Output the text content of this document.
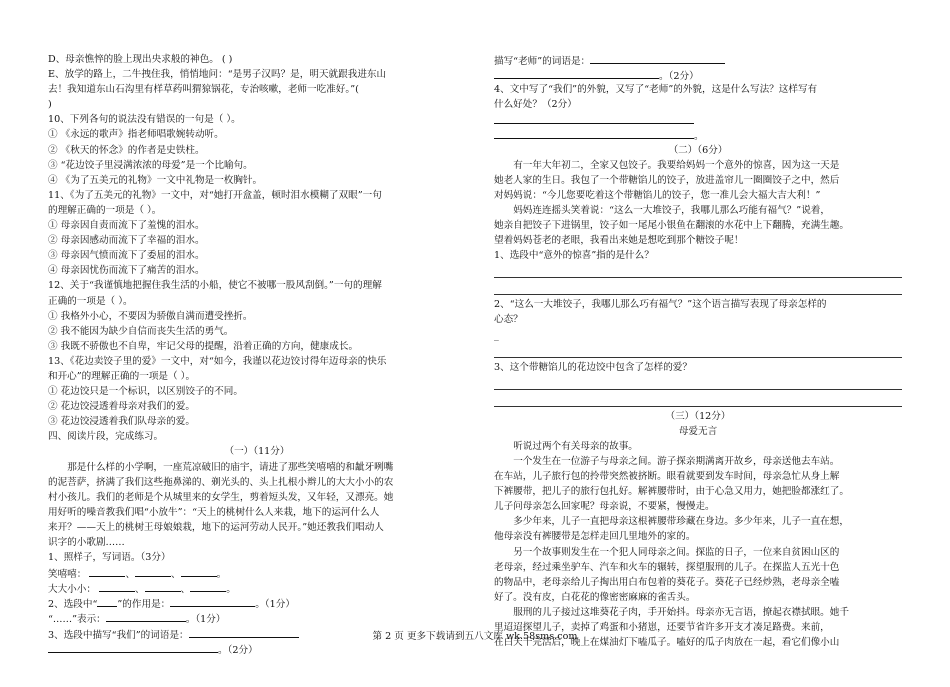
D、母亲憔悴的脸上现出央求般的神色。 ( )
E、放学的路上，二牛拽住我，悄悄地问：“是男子汉吗？是，明天就跟我进东山
去！我知道东山石沟里有样草药叫猬猄锅花，专治咳嗽，老师一吃准好。”(
)
10、下列各句的说法没有错误的一句是（ ）。
① 《永远的歌声》指老师唱歌婉转动听。
② 《秋天的怀念》的作者是史铁柱。
③ “花边饺子里浸满浓浓的母爱”是一个比喻句。
④ 《为了五美元的礼物》一文中礼物是一枚胸针。
11、《为了五美元的礼物》一文中，对“她打开盒盖，顿时泪水模糊了双眼”一句
的理解正确的一项是（ ）。
① 母亲因自责而流下了羞愧的泪水。
② 母亲因感动而流下了幸福的泪水。
③ 母亲因气愤而流下了委屈的泪水。
④ 母亲因忧伤而流下了痛苦的泪水。
12、关于“我谨慎地把握住我生活的小船，使它不被哪一股风刮倒。”一句的理解
正确的一项是（ ）。
① 我格外小心，不要因为骄傲自满而遭受挫折。
② 我不能因为缺少自信而丧失生活的勇气。
③ 我既不骄傲也不自卑，牢记父母的提醒，沿着正确的方向，健康成长。
13、《花边卖饺子里的爱》一文中，对“如今，我谨以花边饺讨得年迈母亲的快乐
和开心”的理解正确的一项是（ ）。
① 花边饺只是一个标识，以区别饺子的不同。
② 花边饺浸透着母亲对我们的爱。
③ 花边饺浸透着我们队母亲的爱。
四、阅读片段，完成练习。
（一）（11分）
那是什么样的小学啊，一座荒凉破旧的庙宇，请进了那些笑嘻嘻的和龇牙咧嘴
的泥菩萨，挤满了我们这些拖鼻涕的、剃光头的、头上扎根小辫儿的大大小小的农
村小孩儿。我们的老师是个从城里来的女学生，剪着短头发，又年轻，又漂亮。她
用好听的噪音教我们唱“小放牛”：“天上的桃树什么人来栽，地下的运河什么人
来开？——天上的桃树王母娘娘栽，地下的运河劳动人民开。”她还教我们唱动人
识字的小歌剧……
1、照样子，写词语。（3分）
笑嘻嘻：	、	、	。
大大小小：	、	、	。
2、选段中“ ”的作用是：	。（1分）
“……”表示：	。（1分）
3、选段中描写“我们”的词语是：
。（2分）
描写“老师”的词语是：
。（2分）
4、文中写了“我们”的外貌，又写了“老师”的外貌，这是什么写法？这样写有
什么好处？（2分）
。
（二）（6分）
有一年大年初二，全家又包饺子。我要给妈妈一个意外的惊喜，因为这一天是
她老人家的生日。我包了一个带糖馅儿的饺子，放进盖帘儿一圈圈饺子之中，然后
对妈妈说：“今儿您要吃着这个带糖馅儿的饺子，您一准儿会大福大吉大利！”
妈妈连连摇头笑着说：“这么一大堆饺子，我哪儿那么巧能有福气？”说着，
她亲自把饺子下进锅里，饺子如一尾尾小银鱼在翻滚的水花中上下翻腾，充满生趣。
望着妈妈苍老的老眼，我看出来她是想吃到那个糖饺子呢！
1、选段中“意外的惊喜”指的是什么？
2、“这么一大堆饺子，我哪儿那么巧有福气？”这个语言描写表现了母亲怎样的
心态？
_
3、这个带糖馅儿的花边饺中包含了怎样的爱？
（三）（12分）
母爱无言
听说过两个有关母亲的故事。
一个发生在一位游子与母亲之间。游子探亲期满离开故乡，母亲送他去车站。
在车站，儿子旅行包的拎带突然被挤断。眼看就要到发车时间，母亲急忙从身上解
下裤腰带，把儿子的旅行包扎好。解裤腰带时，由于心急又用力，她把脸都涨红了。
儿子问母亲怎么回家呢？母亲说，不要紧，慢慢走。
多少年来，儿子一直把母亲这根裤腰带珍藏在身边。多少年来，儿子一直在想，
他母亲没有裤腰带是怎样走回几里地外的家的。
另一个故事则发生在一个犯人同母亲之间。探监的日子，一位来自贫困山区的
老母亲，经过乘坐驴车、汽车和火车的辗转，探望服刑的儿子。在探监人五光十色
的物品中，老母亲给儿子掏出用白布包着的葵花子。葵花子已经炒熟，老母亲全嗑
好了。没有皮，白花花的像密密麻麻的雀舌头。
服刑的儿子接过这堆葵花子肉，手开始抖。母亲亦无言语，撩起衣襟拭眼。她千
里迢迢探望儿子，卖掉了鸡蛋和小猪崽，还要节省许多开支才凑足路费。来前，
在白天干完活后，晚上在煤油灯下嗑瓜子。嗑好的瓜子肉放在一起，看它们像小山
第 2 页 更多下载请到五八文库 wk.58sms.com
